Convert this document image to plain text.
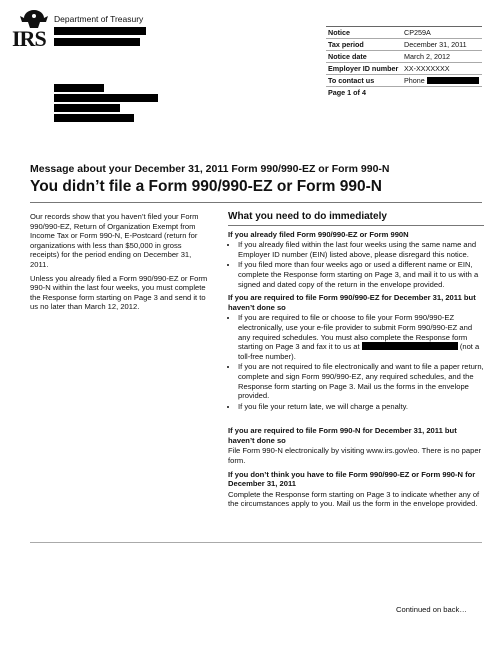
IRS
Department of Treasury
Notice	CP259A
Tax period	December 31, 2011
Notice date	March 2, 2012
Employer ID number	XX-XXXXXXX
To contact us	Phone
Page 1 of 4	
Message about your December 31, 2011 Form 990/990-EZ or Form 990-N
You didn’t file a Form 990/990-EZ or Form 990-N

Our records show that you haven’t filed your Form 990/990-EZ, Return of Organization Exempt from Income Tax or Form 990-N, E-Postcard (return for organizations with less than $50,000 in gross receipts) for the period ending on December 31, 2011.

Unless you already filed a Form 990/990-EZ or Form 990-N within the last four weeks, you must complete the Response form starting on Page 3 and send it to us no later than March 12, 2012.

What you need to do immediately
If you already filed Form 990/990-EZ or Form 990N
• If you already filed within the last four weeks using the same name and Employer ID number (EIN) listed above, please disregard this notice.
• If you filed more than four weeks ago or used a different name or EIN, complete the Response form starting on Page 3, and mail it to us with a signed and dated copy of the return in the envelope provided.
If you are required to file Form 990/990-EZ for December 31, 2011 but haven’t done so
• If you are required to file or choose to file your Form 990/990-EZ electronically, use your e-file provider to submit Form 990/990-EZ and any required schedules. You must also complete the Response form starting on Page 3 and fax it to us at	(not a toll-free number).
• If you are not required to file electronically and want to file a paper return, complete and sign Form 990/990-EZ, any required schedules, and the Response form starting on Page 3. Mail us the forms in the envelope provided.
• If you file your return late, we will charge a penalty.
If you are required to file Form 990-N for December 31, 2011 but haven’t done so

File Form 990-N electronically by visiting www.irs.gov/eo. There is no paper form.

If you don’t think you have to file Form 990/990-EZ or Form 990-N for December 31, 2011

Complete the Response form starting on Page 3 to indicate whether any of the circumstances apply to you. Mail us the form in the envelope provided.

Continued on back…
